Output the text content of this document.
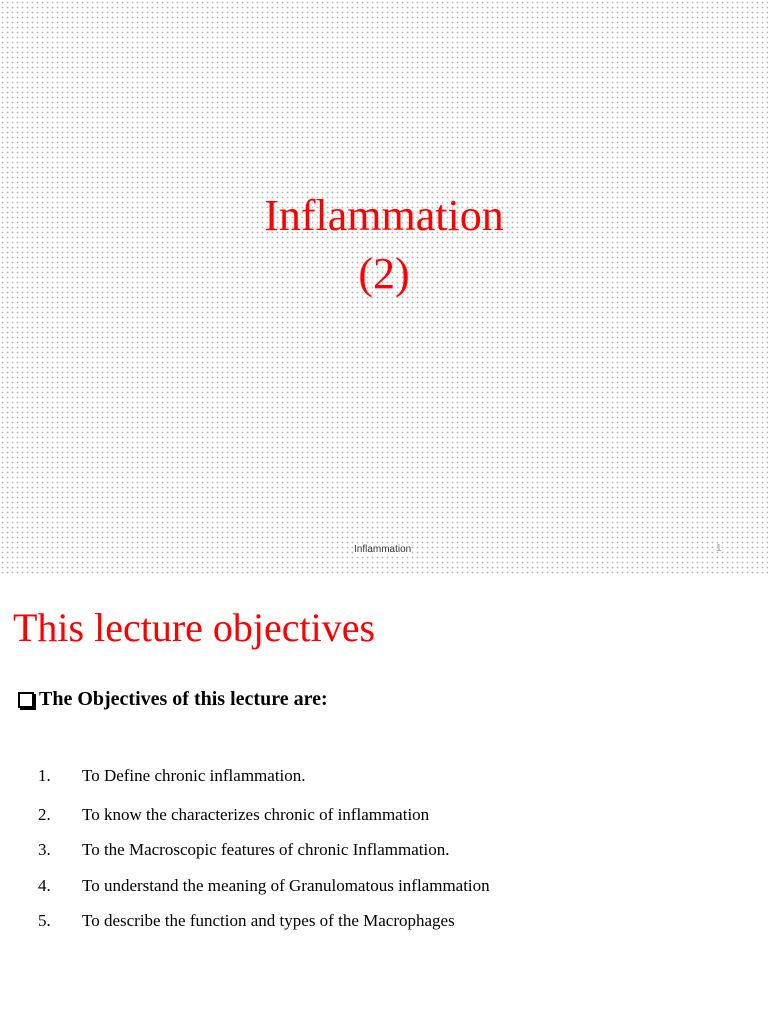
Inflammation
(2)
Inflammation	1
This lecture objectives
The Objectives of this lecture are:
1. To Define chronic inflammation.
2. To know the characterizes chronic of inflammation
3. To the Macroscopic features of chronic Inflammation.
4. To understand the meaning of Granulomatous inflammation
5. To describe the function and types of the Macrophages
